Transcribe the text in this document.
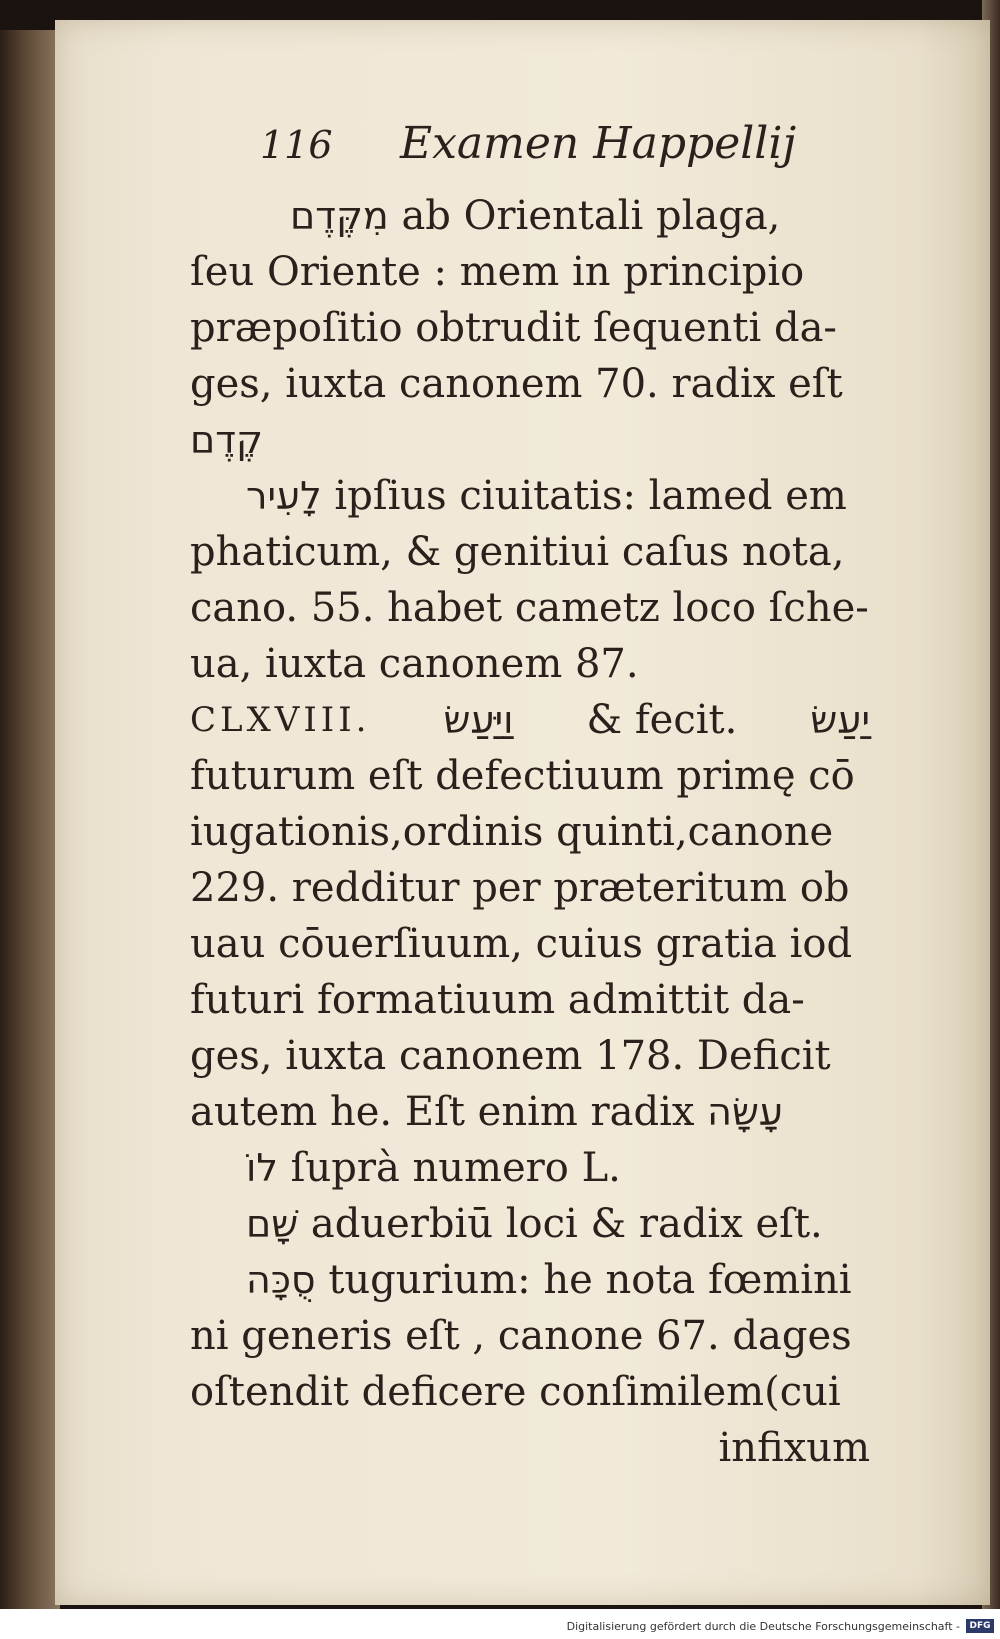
116	Examen Happellij
מִקֶּדֶם ab Orientali plaga,
ſeu Oriente : mem in principio
præpoſitio obtrudit ſequenti da-
ges, iuxta canonem 70. radix eſt
קֶדֶם
לָעִיר ipſius ciuitatis: lamed em
phaticum, & genitiui caſus nota,
cano. 55. habet cametz loco ſche-
ua, iuxta canonem 87.
CLXVIII. וַיַּעַשׂ & fecit. יַעַשׂ
futurum eſt defectiuum primę cō
iugationis,ordinis quinti,canone
229. redditur per præteritum ob
uau cōuerſiuum, cuius gratia iod
futuri formatiuum admittit da-
ges, iuxta canonem 178. Deficit
autem he. Eſt enim radix עָשָׂה
לוֹ ſuprà numero L.
שָׁם aduerbiū loci & radix eſt.
סֻכָּה tugurium: he nota fœmini
ni generis eſt , canone 67. dages
oſtendit deficere conſimilem(cui
infixum
Digitalisierung gefördert durch die Deutsche Forschungsgemeinschaft -	DFG
